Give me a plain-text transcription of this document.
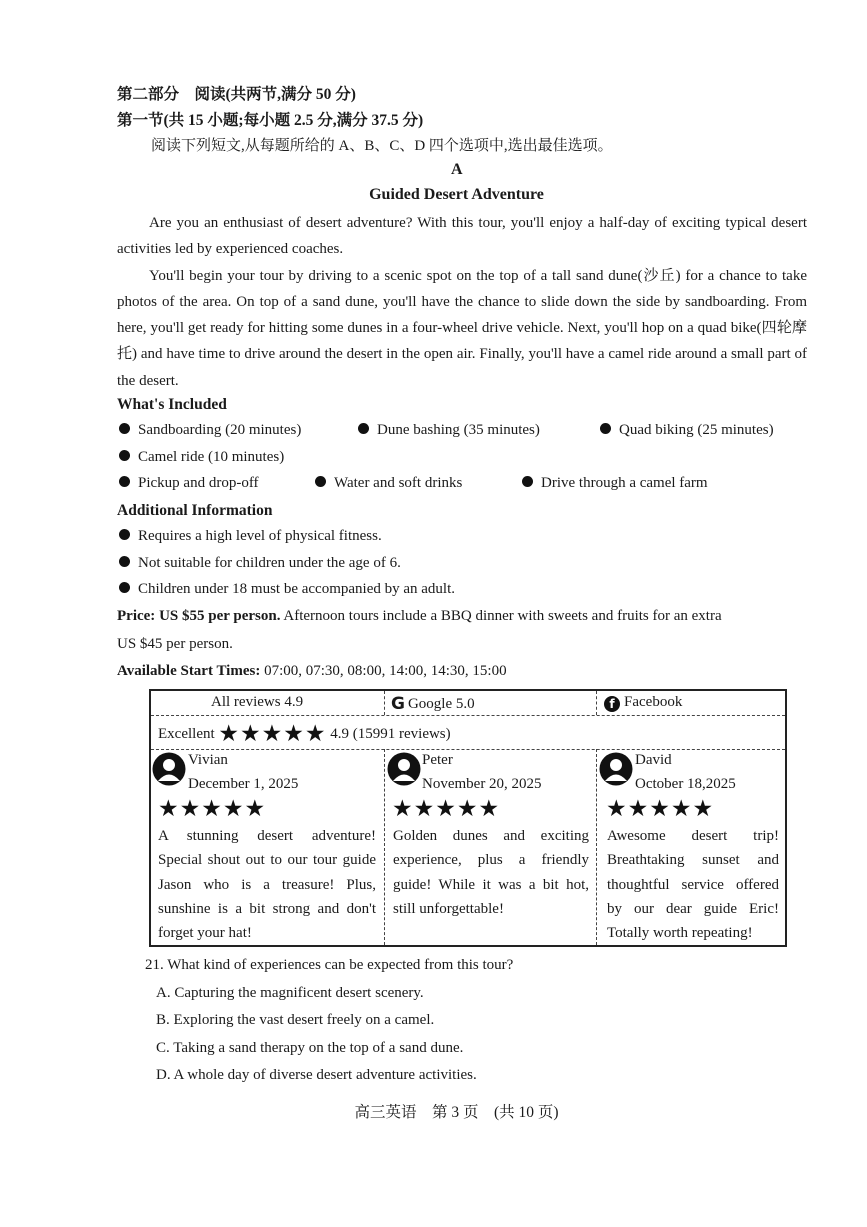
第二部分　阅读(共两节,满分 50 分)
第一节(共 15 小题;每小题 2.5 分,满分 37.5 分)
阅读下列短文,从每题所给的 A、B、C、D 四个选项中,选出最佳选项。
A
Guided Desert Adventure

Are you an enthusiast of desert adventure? With this tour, you'll enjoy a half-day of exciting typical desert activities led by experienced coaches.

You'll begin your tour by driving to a scenic spot on the top of a tall sand dune(沙丘) for a chance to take photos of the area. On top of a sand dune, you'll have the chance to slide down the side by sandboarding. From here, you'll get ready for hitting some dunes in a four-wheel drive vehicle. Next, you'll hop on a quad bike(四轮摩托) and have time to drive around the desert in the open air. Finally, you'll have a camel ride around a small part of the desert.

What's Included
Sandboarding (20 minutes)	Dune bashing (35 minutes)	Quad biking (25 minutes)
Camel ride (10 minutes)
Pickup and drop-off	Water and soft drinks	Drive through a camel farm
Additional Information
Requires a high level of physical fitness.
Not suitable for children under the age of 6.
Children under 18 must be accompanied by an adult.
Price: US $55 per person. Afternoon tours include a BBQ dinner with sweets and fruits for an extra
US $45 per person.
Available Start Times: 07:00, 07:30, 08:00, 14:00, 14:30, 15:00
All reviews 4.9	G Google 5.0	f Facebook
Excellent ★★★★★ 4.9 (15991 reviews)
Vivian
December 1, 2025
★★★★★
A stunning desert adventure! Special shout out to our tour guide Jason who is a treasure! Plus, sunshine is a bit strong and don't forget your hat!
Peter
November 20, 2025
★★★★★
Golden dunes and exciting experience, plus a friendly guide! While it was a bit hot, still unforgettable!
David
October 18,2025
★★★★★
Awesome desert trip! Breathtaking sunset and thoughtful service offered by our dear guide Eric! Totally worth repeating!
21. What kind of experiences can be expected from this tour?
A. Capturing the magnificent desert scenery.
B. Exploring the vast desert freely on a camel.
C. Taking a sand therapy on the top of a sand dune.
D. A whole day of diverse desert adventure activities.
高三英语　第 3 页　(共 10 页)
